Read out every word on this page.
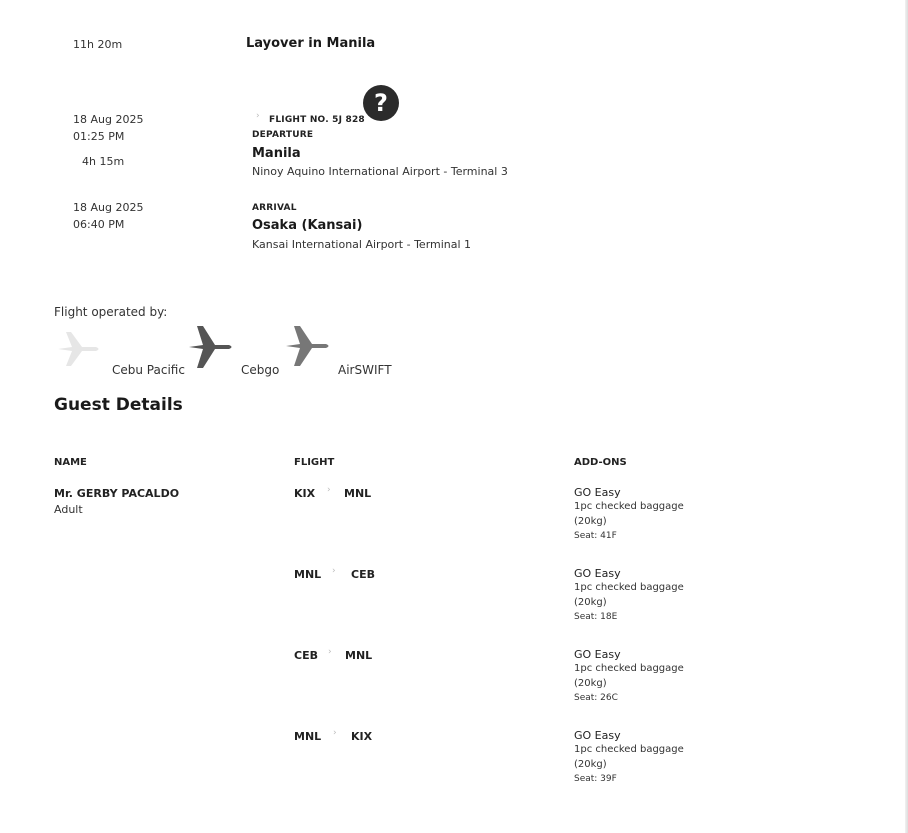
11h 20m	Layover in Manila
?
› FLIGHT NO. 5J 828
18 Aug 2025
01:25 PM
4h 15m
DEPARTURE
Manila
Ninoy Aquino International Airport - Terminal 3
18 Aug 2025
06:40 PM
ARRIVAL
Osaka (Kansai)
Kansai International Airport - Terminal 1
Flight operated by:
Cebu Pacific	Cebgo	AirSWIFT
Guest Details
NAME	FLIGHT	ADD-ONS
Mr. GERBY PACALDO
Adult
KIX › MNL	GO Easy
1pc checked baggage
(20kg)
Seat: 41F
MNL › CEB	GO Easy
1pc checked baggage
(20kg)
Seat: 18E
CEB › MNL	GO Easy
1pc checked baggage
(20kg)
Seat: 26C
MNL › KIX	GO Easy
1pc checked baggage
(20kg)
Seat: 39F
